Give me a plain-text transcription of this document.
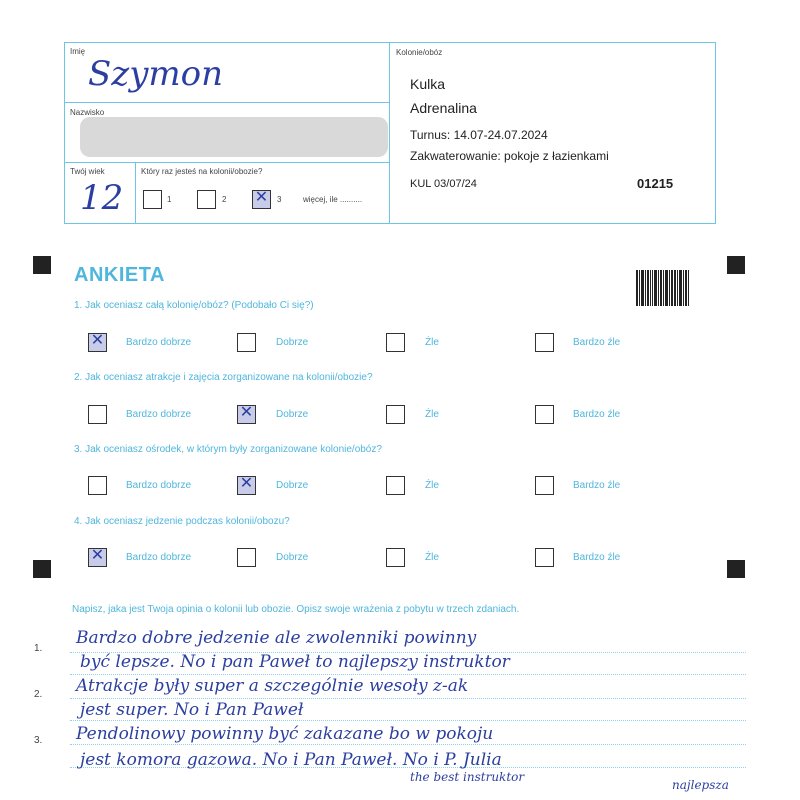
Imię
Szymon
Nazwisko
Twój wiek
12
Który raz jesteś na kolonii/obozie?
1	2 ✕ 3	więcej, ile ..........
Kolonie/obóz
Kulka
Adrenalina
Turnus: 14.07-24.07.2024
Zakwaterowanie: pokoje z łazienkami
KUL 03/07/24	01215
ANKIETA
1. Jak oceniasz całą kolonię/obóz? (Podobało Ci się?)
✕ Bardzo dobrze	Dobrze	Źle	Bardzo źle
2. Jak oceniasz atrakcje i zajęcia zorganizowane na kolonii/obozie?
Bardzo dobrze	✕ Dobrze	Źle	Bardzo źle
3. Jak oceniasz ośrodek, w którym były zorganizowane kolonie/obóz?
Bardzo dobrze	✕ Dobrze	Źle	Bardzo źle
4. Jak oceniasz jedzenie podczas kolonii/obozu?
✕ Bardzo dobrze	Dobrze	Źle	Bardzo źle
Napisz, jaka jest Twoja opinia o kolonii lub obozie. Opisz swoje wrażenia z pobytu w trzech zdaniach.
1.
2.
3.
Bardzo dobre jedzenie ale zwolenniki powinny
być lepsze. No i pan Paweł to najlepszy instruktor
Atrakcje były super a szczególnie wesoły z-ak
jest super. No i Pan Paweł
Pendolinowy powinny być zakazane bo w pokoju
jest komora gazowa. No i Pan Paweł. No i P. Julia
the best instruktor
najlepsza
